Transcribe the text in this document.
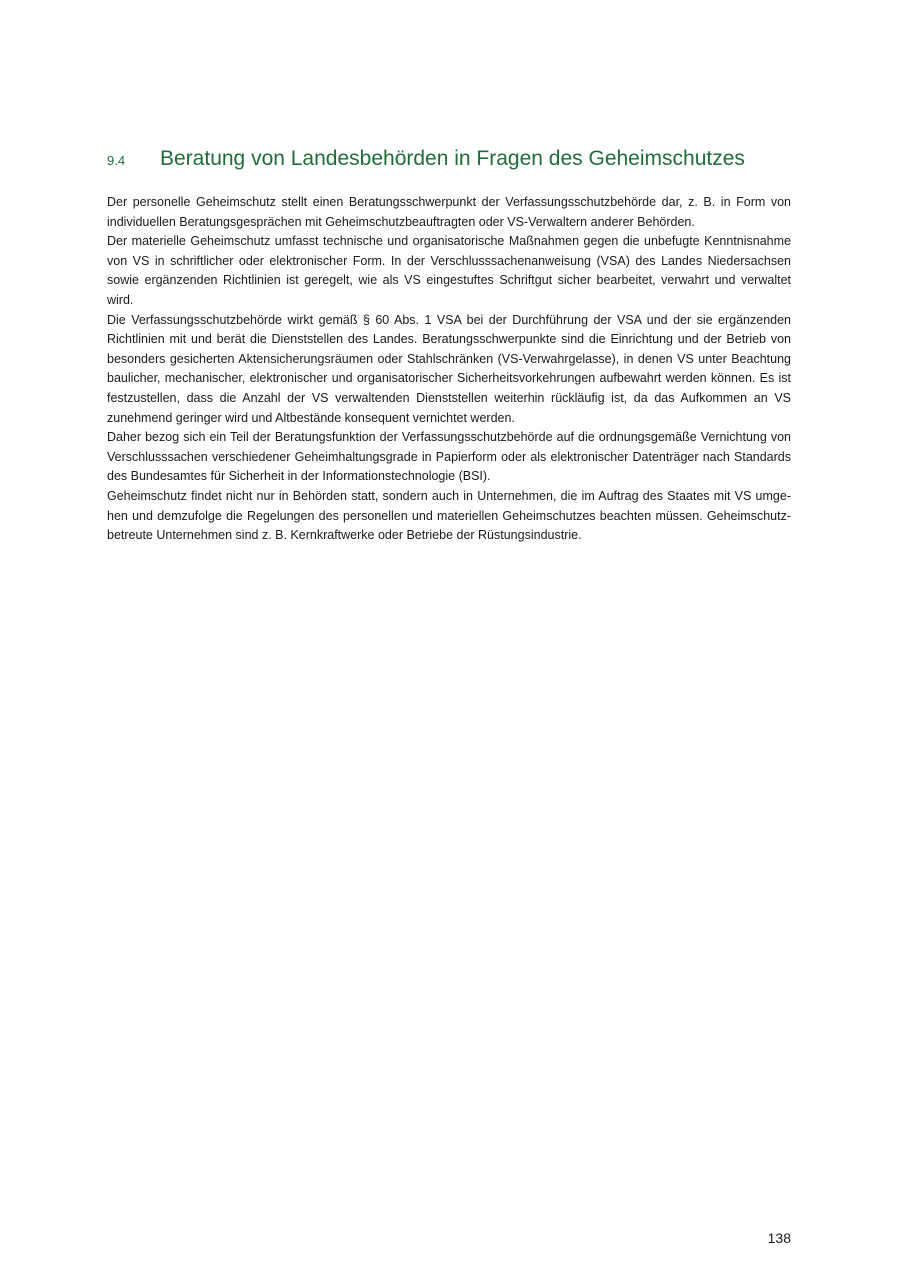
9.4	Beratung von Landesbehörden in Fragen des Geheimschutzes

Der personelle Geheimschutz stellt einen Beratungsschwerpunkt der Verfassungsschutzbehörde dar, z. B. in Form von individuellen Beratungsgesprächen mit Geheimschutzbeauftragten oder VS-Verwaltern anderer Behörden.

Der materielle Geheimschutz umfasst technische und organisatorische Maßnahmen gegen die unbefugte Kenntnisnahme von VS in schriftlicher oder elektronischer Form. In der Verschlusssachenanweisung (VSA) des Landes Niedersachsen sowie ergänzenden Richtlinien ist geregelt, wie als VS eingestuftes Schriftgut sicher bearbeitet, verwahrt und verwaltet wird.

Die Verfassungsschutzbehörde wirkt gemäß § 60 Abs. 1 VSA bei der Durchführung der VSA und der sie ergänzenden Richtlinien mit und berät die Dienststellen des Landes. Beratungsschwerpunkte sind die Einrichtung und der Betrieb von besonders gesicherten Aktensicherungsräumen oder Stahlschränken (VS-Verwahrgelasse), in denen VS unter Beachtung baulicher, mechanischer, elektronischer und organisatorischer Sicherheitsvorkehrungen aufbewahrt werden können. Es ist festzustellen, dass die Anzahl der VS verwaltenden Dienststellen weiterhin rückläufig ist, da das Aufkommen an VS zunehmend geringer wird und Altbestände konsequent vernichtet werden.

Daher bezog sich ein Teil der Beratungsfunktion der Verfassungsschutzbehörde auf die ordnungsgemäße Vernichtung von Verschlusssachen verschiedener Geheimhaltungsgrade in Papierform oder als elektronischer Datenträger nach Standards des Bundesamtes für Sicherheit in der Informationstechnologie (BSI).

Geheimschutz findet nicht nur in Behörden statt, sondern auch in Unternehmen, die im Auftrag des Staates mit VS umgehen und demzufolge die Regelungen des personellen und materiellen Geheimschutzes beachten müssen. Geheimschutzbetreute Unternehmen sind z. B. Kernkraftwerke oder Betriebe der Rüstungsindustrie.

138
